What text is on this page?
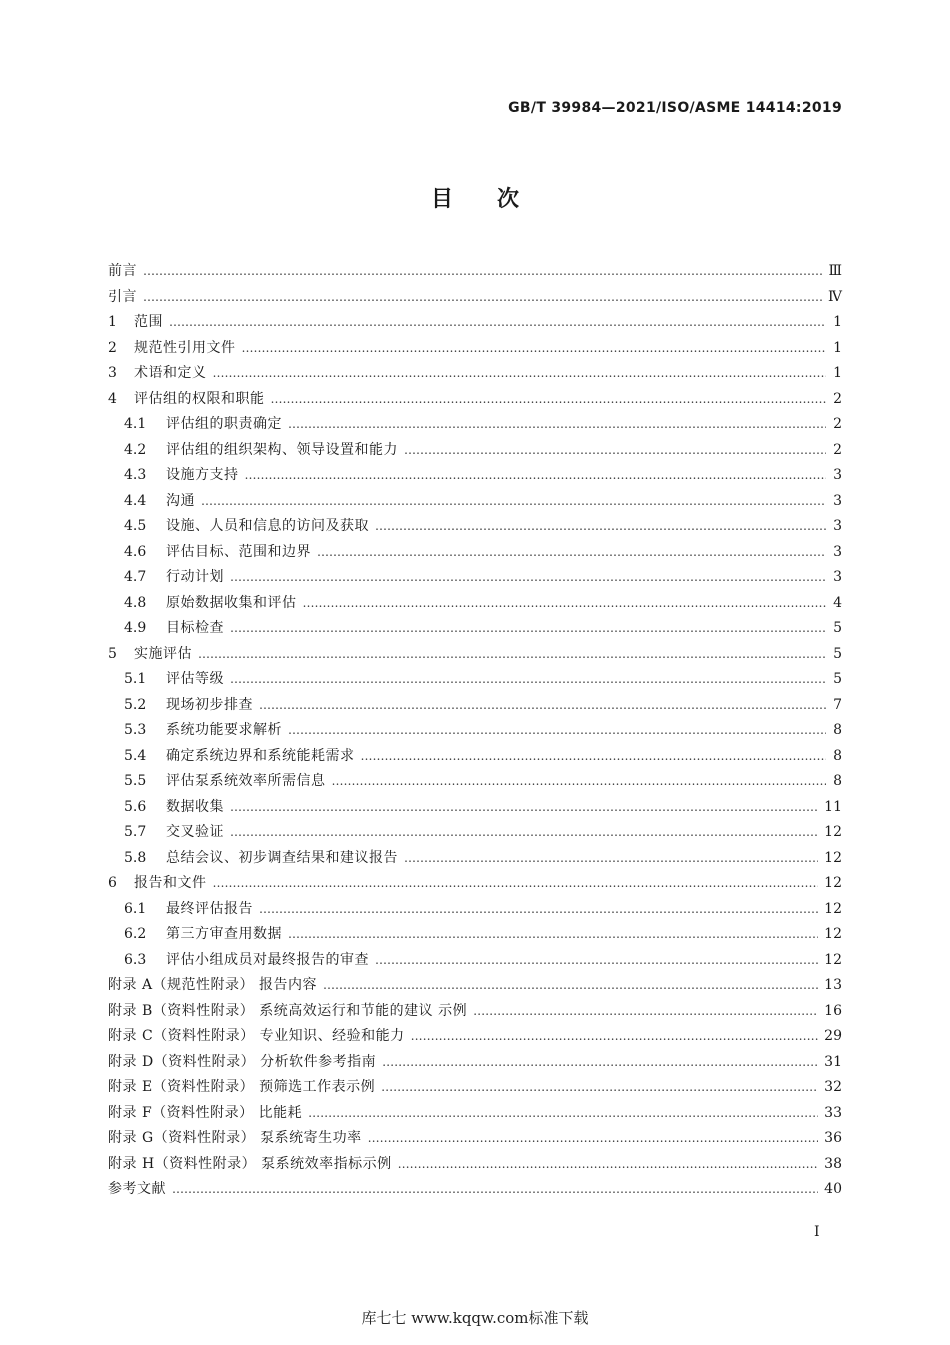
GB/T 39984—2021/ISO/ASME 14414:2019
目次
前言 ………………………………………………………………………………………………………………………………………………………………………………………………	Ⅲ
引言 ………………………………………………………………………………………………………………………………………………………………………………………………	Ⅳ
1	范围 ………………………………………………………………………………………………………………………………………………………………………………………………	1
2	规范性引用文件 ………………………………………………………………………………………………………………………………………………………………………………………………	1
3	术语和定义 ………………………………………………………………………………………………………………………………………………………………………………………………	1
4	评估组的权限和职能 ………………………………………………………………………………………………………………………………………………………………………………………………	2
4.1	评估组的职责确定 ………………………………………………………………………………………………………………………………………………………………………………………………	2
4.2	评估组的组织架构、领导设置和能力 ………………………………………………………………………………………………………………………………………………………………………………………………	2
4.3	设施方支持 ………………………………………………………………………………………………………………………………………………………………………………………………	3
4.4	沟通 ………………………………………………………………………………………………………………………………………………………………………………………………	3
4.5	设施、人员和信息的访问及获取 ………………………………………………………………………………………………………………………………………………………………………………………………	3
4.6	评估目标、范围和边界 ………………………………………………………………………………………………………………………………………………………………………………………………	3
4.7	行动计划 ………………………………………………………………………………………………………………………………………………………………………………………………	3
4.8	原始数据收集和评估 ………………………………………………………………………………………………………………………………………………………………………………………………	4
4.9	目标检查 ………………………………………………………………………………………………………………………………………………………………………………………………	5
5	实施评估 ………………………………………………………………………………………………………………………………………………………………………………………………	5
5.1	评估等级 ………………………………………………………………………………………………………………………………………………………………………………………………	5
5.2	现场初步排查 ………………………………………………………………………………………………………………………………………………………………………………………………	7
5.3	系统功能要求解析 ………………………………………………………………………………………………………………………………………………………………………………………………	8
5.4	确定系统边界和系统能耗需求 ………………………………………………………………………………………………………………………………………………………………………………………………	8
5.5	评估泵系统效率所需信息 ………………………………………………………………………………………………………………………………………………………………………………………………	8
5.6	数据收集 ………………………………………………………………………………………………………………………………………………………………………………………………	11
5.7	交叉验证 ………………………………………………………………………………………………………………………………………………………………………………………………	12
5.8	总结会议、初步调查结果和建议报告 ………………………………………………………………………………………………………………………………………………………………………………………………	12
6	报告和文件 ………………………………………………………………………………………………………………………………………………………………………………………………	12
6.1	最终评估报告 ………………………………………………………………………………………………………………………………………………………………………………………………	12
6.2	第三方审查用数据 ………………………………………………………………………………………………………………………………………………………………………………………………	12
6.3	评估小组成员对最终报告的审查 ………………………………………………………………………………………………………………………………………………………………………………………………	12
附录 A（规范性附录） 报告内容 ………………………………………………………………………………………………………………………………………………………………………………………………	13
附录 B（资料性附录） 系统高效运行和节能的建议 示例 ………………………………………………………………………………………………………………………………………………………………………………………………	16
附录 C（资料性附录） 专业知识、经验和能力 ………………………………………………………………………………………………………………………………………………………………………………………………	29
附录 D（资料性附录） 分析软件参考指南 ………………………………………………………………………………………………………………………………………………………………………………………………	31
附录 E（资料性附录） 预筛选工作表示例 ………………………………………………………………………………………………………………………………………………………………………………………………	32
附录 F（资料性附录） 比能耗 ………………………………………………………………………………………………………………………………………………………………………………………………	33
附录 G（资料性附录） 泵系统寄生功率 ………………………………………………………………………………………………………………………………………………………………………………………………	36
附录 H（资料性附录） 泵系统效率指标示例 ………………………………………………………………………………………………………………………………………………………………………………………………	38
参考文献 ………………………………………………………………………………………………………………………………………………………………………………………………	40
I
库七七 www.kqqw.com标准下载
